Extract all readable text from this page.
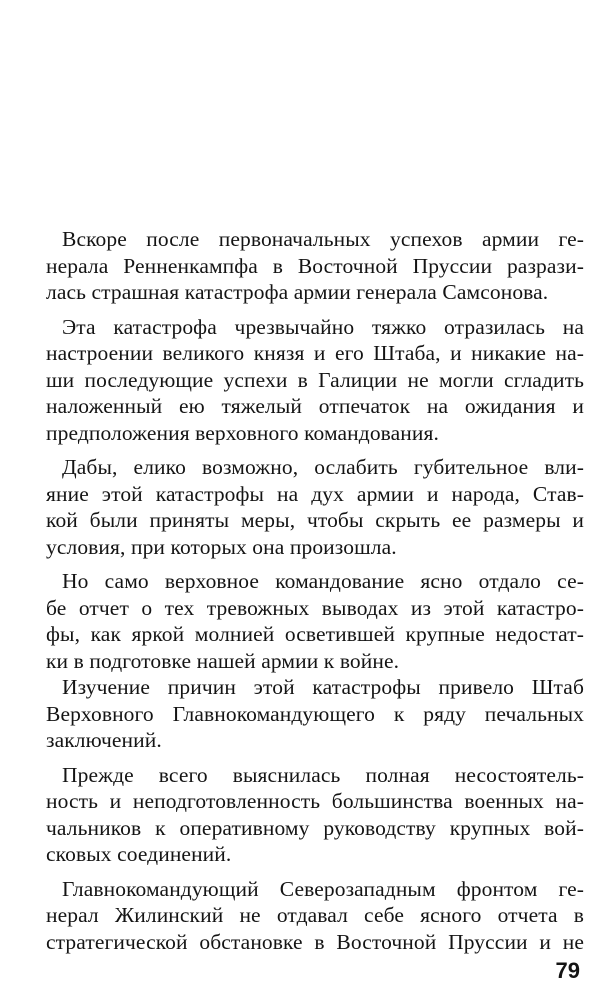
Вскоре после первоначальных успехов армии ге-
нерала Ренненкампфа в Восточной Пруссии разрази-
лась страшная катастрофа армии генерала Самсонова.
Эта катастрофа чрезвычайно тяжко отразилась на
настроении великого князя и его Штаба, и никакие на-
ши последующие успехи в Галиции не могли сгладить
наложенный ею тяжелый отпечаток на ожидания и
предположения верховного командования.
Дабы, елико возможно, ослабить губительное вли-
яние этой катастрофы на дух армии и народа, Став-
кой были приняты меры, чтобы скрыть ее размеры и
условия, при которых она произошла.
Но само верховное командование ясно отдало се-
бе отчет о тех тревожных выводах из этой катастро-
фы, как яркой молнией осветившей крупные недостат-
ки в подготовке нашей армии к войне.
Изучение причин этой катастрофы привело Штаб
Верховного Главнокомандующего к ряду печальных
заключений.
Прежде всего выяснилась полная несостоятель-
ность и неподготовленность большинства военных на-
чальников к оперативному руководству крупных вой-
сковых соединений.
Главнокомандующий Северозападным фронтом ге-
нерал Жилинский не отдавал себе ясного отчета в
стратегической обстановке в Восточной Пруссии и не
79
